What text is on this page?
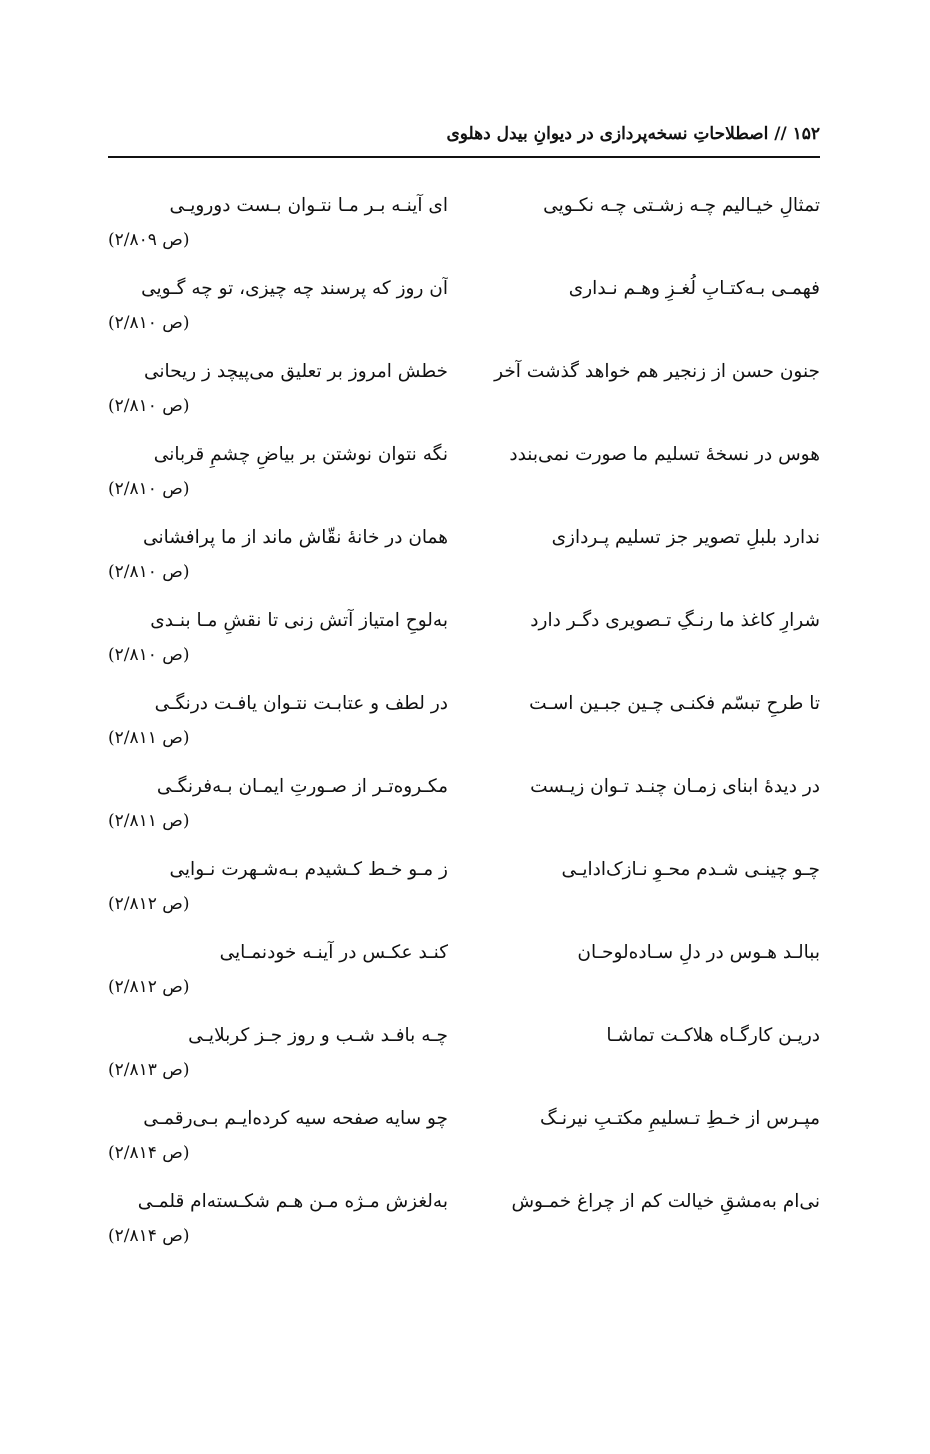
۱۵۲ // اصطلاحاتِ نسخه‌پردازی در دیوانِ بیدل دهلوی
تمثالِ خیـالیم چـه زشـتی چـه نکـویی
ای آینـه بـر مـا نتـوان بـست دورویـی
(ص ۲/۸۰۹)
فهمـی بـه‌کتـابِ لُغـزِ وهـم نـداری
آن روز که پرسند چه چیزی، تو چه گـویی
(ص ۲/۸۱۰)
جنون حسن از زنجیر هم خواهد گذشت آخر
خطش امروز بر تعلیق می‌پیچد ز ریحانی
(ص ۲/۸۱۰)
هوس در نسخهٔ تسلیم ما صورت نمی‌بندد
نگه نتوان نوشتن بر بیاضِ چشمِ قربانی
(ص ۲/۸۱۰)
ندارد بلبلِ تصویر جز تسلیم پـردازی
همان در خانهٔ نقّاش ماند از ما پرافشانی
(ص ۲/۸۱۰)
شرارِ کاغذ ما رنـگِ تـصویری دگـر دارد
به‌لوحِ امتیاز آتش زنی تا نقشِ مـا بنـدی
(ص ۲/۸۱۰)
تا طرحِ تبسّم فکنـی چـین جبـین اسـت
در لطف و عتابـت نتـوان یافـت درنگـی
(ص ۲/۸۱۱)
در دیدهٔ ابنای زمـان چنـد تـوان زیـست
مکـروه‌تـر از صـورتِ ایمـان بـه‌فرنگـی
(ص ۲/۸۱۱)
چـو چینـی شـدم محـوِ نـازک‌ادایـی
ز مـو خـط کـشیدم بـه‌شـهرت نـوایی
(ص ۲/۸۱۲)
ببالـد هـوس در دلِ سـاده‌لوحـان
کنـد عکـس در آینـه خودنمـایی
(ص ۲/۸۱۲)
دریـن کارگـاه هلاکـت تماشـا
چـه بافـد شـب و روز جـز کربلایـی
(ص ۲/۸۱۳)
مپـرس از خـطِ تـسلیمِ مکتـبِ نیرنـگ
چو سایه صفحه سیه کرده‌ایـم بـی‌رقمـی
(ص ۲/۸۱۴)
نی‌ام به‌مشقِ خیالت کم از چراغ خمـوش
به‌لغزش مـژه مـن هـم شکـسته‌ام قلمـی
(ص ۲/۸۱۴)
